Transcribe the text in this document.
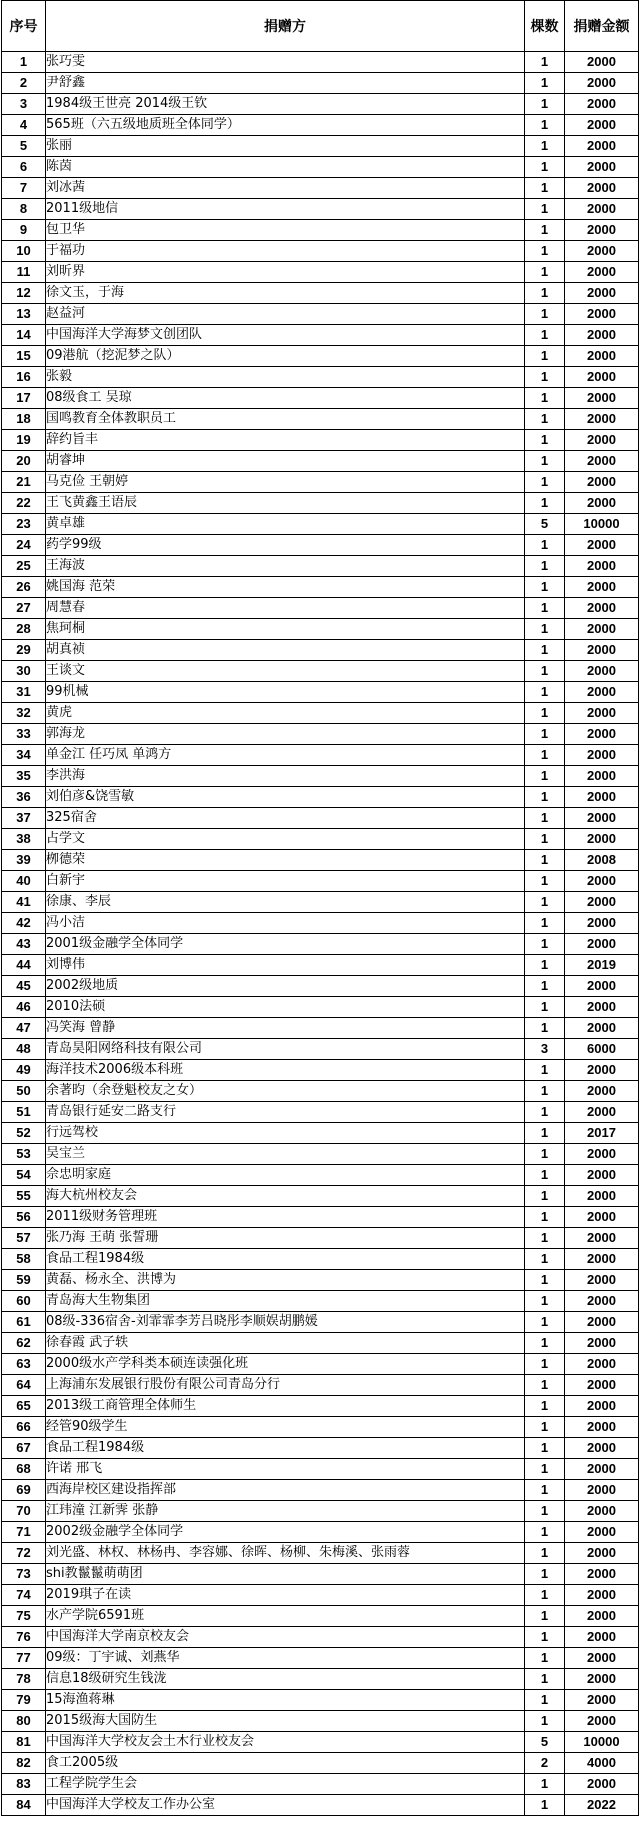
序号	捐赠方	棵数	捐赠金额
1	张巧雯	1	2000
2	尹舒鑫	1	2000
3	1984级王世亮 2014级王钦	1	2000
4	565班（六五级地质班全体同学）	1	2000
5	张丽	1	2000
6	陈茵	1	2000
7	刘冰茜	1	2000
8	2011级地信	1	2000
9	包卫华	1	2000
10	于福功	1	2000
11	刘昕界	1	2000
12	徐文玉，于海	1	2000
13	赵益河	1	2000
14	中国海洋大学海梦文创团队	1	2000
15	09港航（挖泥梦之队）	1	2000
16	张毅	1	2000
17	08级食工 吴琼	1	2000
18	国鸣教育全体教职员工	1	2000
19	辞约旨丰	1	2000
20	胡睿坤	1	2000
21	马克俭 王朝婷	1	2000
22	王飞黄鑫王语辰	1	2000
23	黄卓雄	5	10000
24	药学99级	1	2000
25	王海波	1	2000
26	姚国海 范荣	1	2000
27	周慧春	1	2000
28	焦珂桐	1	2000
29	胡真祯	1	2000
30	王谈文	1	2000
31	99机械	1	2000
32	黄虎	1	2000
33	郭海龙	1	2000
34	单金江 任巧凤 单鸿方	1	2000
35	李洪海	1	2000
36	刘伯彦&饶雪敏	1	2000
37	325宿舍	1	2000
38	占学文	1	2000
39	栁德荣	1	2008
40	白新宇	1	2000
41	徐康、李辰	1	2000
42	冯小洁	1	2000
43	2001级金融学全体同学	1	2000
44	刘博伟	1	2019
45	2002级地质	1	2000
46	2010法硕	1	2000
47	冯笑海 曾静	1	2000
48	青岛昊阳网络科技有限公司	3	6000
49	海洋技术2006级本科班	1	2000
50	余著昀（余登魁校友之女）	1	2000
51	青岛银行延安二路支行	1	2000
52	行远驾校	1	2017
53	吴宝兰	1	2000
54	佘忠明家庭	1	2000
55	海大杭州校友会	1	2000
56	2011级财务管理班	1	2000
57	张乃海 王萌 张誓珊	1	2000
58	食品工程1984级	1	2000
59	黄磊、杨永全、洪博为	1	2000
60	青岛海大生物集团	1	2000
61	08级-336宿舍-刘霏霏李芳吕晓彤李顺娱胡鹏媛	1	2000
62	徐春霞 武子轶	1	2000
63	2000级水产学科类本硕连读强化班	1	2000
64	上海浦东发展银行股份有限公司青岛分行	1	2000
65	2013级工商管理全体师生	1	2000
66	经管90级学生	1	2000
67	食品工程1984级	1	2000
68	许诺 邢飞	1	2000
69	西海岸校区建设指挥部	1	2000
70	江玮潼 江新霁 张静	1	2000
71	2002级金融学全体同学	1	2000
72	刘光盛、林权、林杨冉、李容娜、徐晖、杨柳、朱梅溪、张雨蓉	1	2000
73	shi教鬣鬣萌萌团	1	2000
74	2019琪子在读	1	2000
75	水产学院6591班	1	2000
76	中国海洋大学南京校友会	1	2000
77	09级：丁宇诚、刘燕华	1	2000
78	信息18级研究生钱泷	1	2000
79	15海渔蒋琳	1	2000
80	2015级海大国防生	1	2000
81	中国海洋大学校友会土木行业校友会	5	10000
82	食工2005级	2	4000
83	工程学院学生会	1	2000
84	中国海洋大学校友工作办公室	1	2022
